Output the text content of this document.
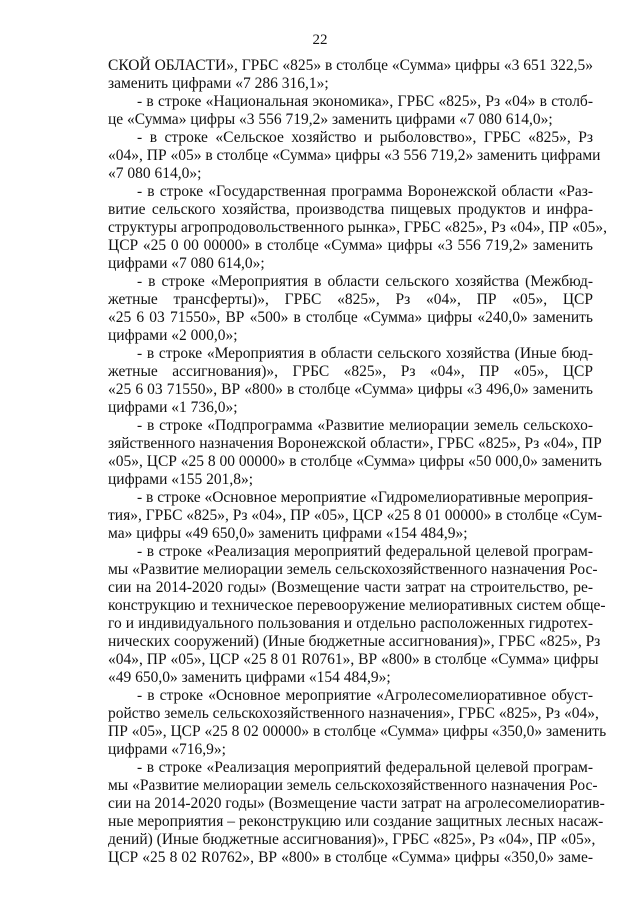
22
СКОЙ ОБЛАСТИ», ГРБС «825» в столбце «Сумма» цифры «3 651 322,5»
заменить цифрами «7 286 316,1»;
- в строке «Национальная экономика», ГРБС «825», Рз «04» в столб-
це «Сумма» цифры «3 556 719,2» заменить цифрами «7 080 614,0»;
- в строке «Сельское хозяйство и рыболовство», ГРБС «825», Рз
«04», ПР «05» в столбце «Сумма» цифры «3 556 719,2» заменить цифрами
«7 080 614,0»;
- в строке «Государственная программа Воронежской области «Раз-
витие сельского хозяйства, производства пищевых продуктов и инфра-
структуры агропродовольственного рынка», ГРБС «825», Рз «04», ПР «05»,
ЦСР «25 0 00 00000» в столбце «Сумма» цифры «3 556 719,2» заменить
цифрами «7 080 614,0»;
- в строке «Мероприятия в области сельского хозяйства (Межбюд-
жетные трансферты)», ГРБС «825», Рз «04», ПР «05», ЦСР
«25 6 03 71550», ВР «500» в столбце «Сумма» цифры «240,0» заменить
цифрами «2 000,0»;
- в строке «Мероприятия в области сельского хозяйства (Иные бюд-
жетные ассигнования)», ГРБС «825», Рз «04», ПР «05», ЦСР
«25 6 03 71550», ВР «800» в столбце «Сумма» цифры «3 496,0» заменить
цифрами «1 736,0»;
- в строке «Подпрограмма «Развитие мелиорации земель сельскохо-
зяйственного назначения Воронежской области», ГРБС «825», Рз «04», ПР
«05», ЦСР «25 8 00 00000» в столбце «Сумма» цифры «50 000,0» заменить
цифрами «155 201,8»;
- в строке «Основное мероприятие «Гидромелиоративные мероприя-
тия», ГРБС «825», Рз «04», ПР «05», ЦСР «25 8 01 00000» в столбце «Сум-
ма» цифры «49 650,0» заменить цифрами «154 484,9»;
- в строке «Реализация мероприятий федеральной целевой програм-
мы «Развитие мелиорации земель сельскохозяйственного назначения Рос-
сии на 2014-2020 годы» (Возмещение части затрат на строительство, ре-
конструкцию и техническое перевооружение мелиоративных систем обще-
го и индивидуального пользования и отдельно расположенных гидротех-
нических сооружений) (Иные бюджетные ассигнования)», ГРБС «825», Рз
«04», ПР «05», ЦСР «25 8 01 R0761», ВР «800» в столбце «Сумма» цифры
«49 650,0» заменить цифрами «154 484,9»;
- в строке «Основное мероприятие «Агролесомелиоративное обуст-
ройство земель сельскохозяйственного назначения», ГРБС «825», Рз «04»,
ПР «05», ЦСР «25 8 02 00000» в столбце «Сумма» цифры «350,0» заменить
цифрами «716,9»;
- в строке «Реализация мероприятий федеральной целевой програм-
мы «Развитие мелиорации земель сельскохозяйственного назначения Рос-
сии на 2014-2020 годы» (Возмещение части затрат на агролесомелиоратив-
ные мероприятия – реконструкцию или создание защитных лесных насаж-
дений) (Иные бюджетные ассигнования)», ГРБС «825», Рз «04», ПР «05»,
ЦСР «25 8 02 R0762», ВР «800» в столбце «Сумма» цифры «350,0» заме-
